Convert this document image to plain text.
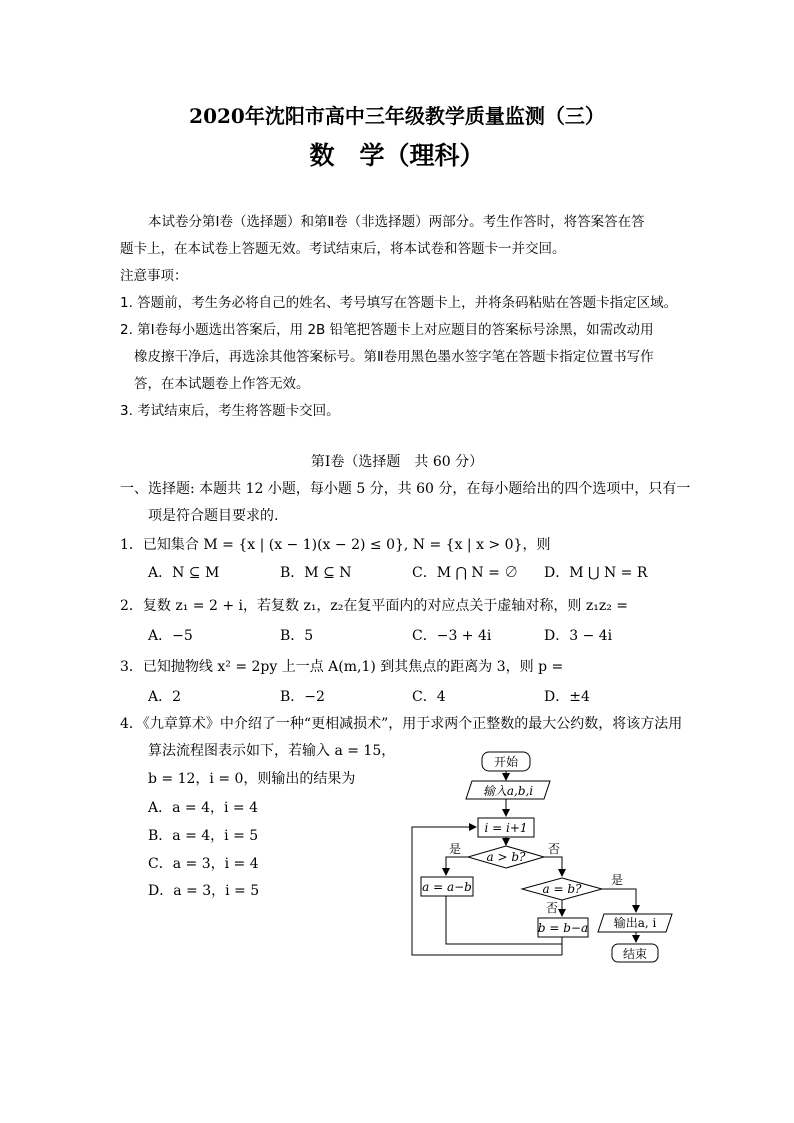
2020年沈阳市高中三年级教学质量监测（三）
数　学（理科）
本试卷分第Ⅰ卷（选择题）和第Ⅱ卷（非选择题）两部分。考生作答时，将答案答在答
题卡上，在本试卷上答题无效。考试结束后，将本试卷和答题卡一并交回。
注意事项：
1. 答题前，考生务必将自己的姓名、考号填写在答题卡上，并将条码粘贴在答题卡指定区域。
2. 第Ⅰ卷每小题选出答案后，用 2B 铅笔把答题卡上对应题目的答案标号涂黑，如需改动用
橡皮擦干净后，再选涂其他答案标号。第Ⅱ卷用黑色墨水签字笔在答题卡指定位置书写作
答，在本试题卷上作答无效。
3. 考试结束后，考生将答题卡交回。
第Ⅰ卷（选择题　共 60 分）
一、选择题: 本题共 12 小题，每小题 5 分，共 60 分，在每小题给出的四个选项中，只有一
项是符合题目要求的.
1．已知集合 M = {x | (x − 1)(x − 2) ≤ 0}, N = {x | x > 0}，则
A．N ⊆ M	B．M ⊆ N	C．M ⋂ N = ∅ D．M ⋃ N = R
2．复数 z₁ = 2 + i，若复数 z₁，z₂在复平面内的对应点关于虚轴对称，则 z₁z₂ =
A．−5	B．5	C．−3 + 4i	D．3 − 4i
3．已知抛物线 x² = 2py 上一点 A(m,1) 到其焦点的距离为 3，则 p =
A．2	B．−2	C．4	D．±4
4．《九章算术》中介绍了一种“更相减损术”，用于求两个正整数的最大公约数，将该方法用
算法流程图表示如下，若输入 a = 15，
b = 12，i = 0，则输出的结果为
A．a = 4，i = 4
B．a = 4，i = 5
C．a = 3，i = 4
D．a = 3，i = 5
开始
输入a,b,i
i = i+1
a > b?
是	否
a = a−b	a = b?
是
否
b = b−a 输出a, i
结束
